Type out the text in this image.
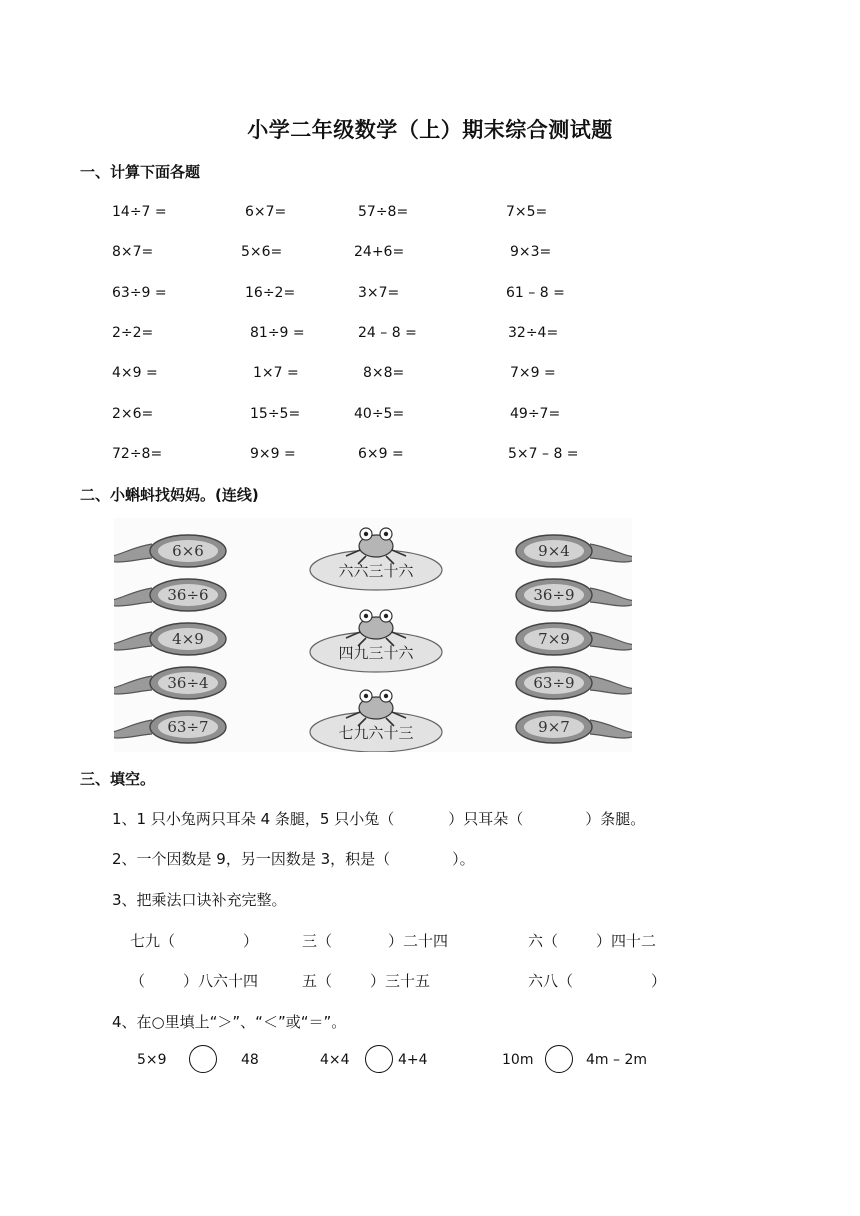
小学二年级数学（上）期末综合测试题
一、计算下面各题
14÷7 =	6×7=	57÷8=	7×5=
8×7=	5×6=	24+6=	9×3=
63÷9 =	16÷2=	3×7=	61 – 8 =
2÷2=	81÷9 =	24 – 8 =	32÷4=
4×9 =	1×7 =	8×8=	7×9 =
2×6=	15÷5=	40÷5=	49÷7=
72÷8=	9×9 =	6×9 =	5×7 – 8 =
二、小蝌蚪找妈妈。(连线)
6×6
36÷6
4×9
36÷4
63÷7
六六三十六
四九三十六
七九六十三
9×4
36÷9
7×9
63÷9
9×7
三、填空。
1、1 只小兔两只耳朵 4 条腿，5 只小兔（	）只耳朵（	）条腿。
2、一个因数是 9，另一因数是 3，积是（	）。
3、把乘法口诀补充完整。
七九（	）	三（	）二十四	六（	）四十二
（	）八六十四	五（	）三十五	六八（	）
4、在○里填上“＞”、“＜”或“＝”。
5×9	48	4×4	4+4	10m	4m – 2m
